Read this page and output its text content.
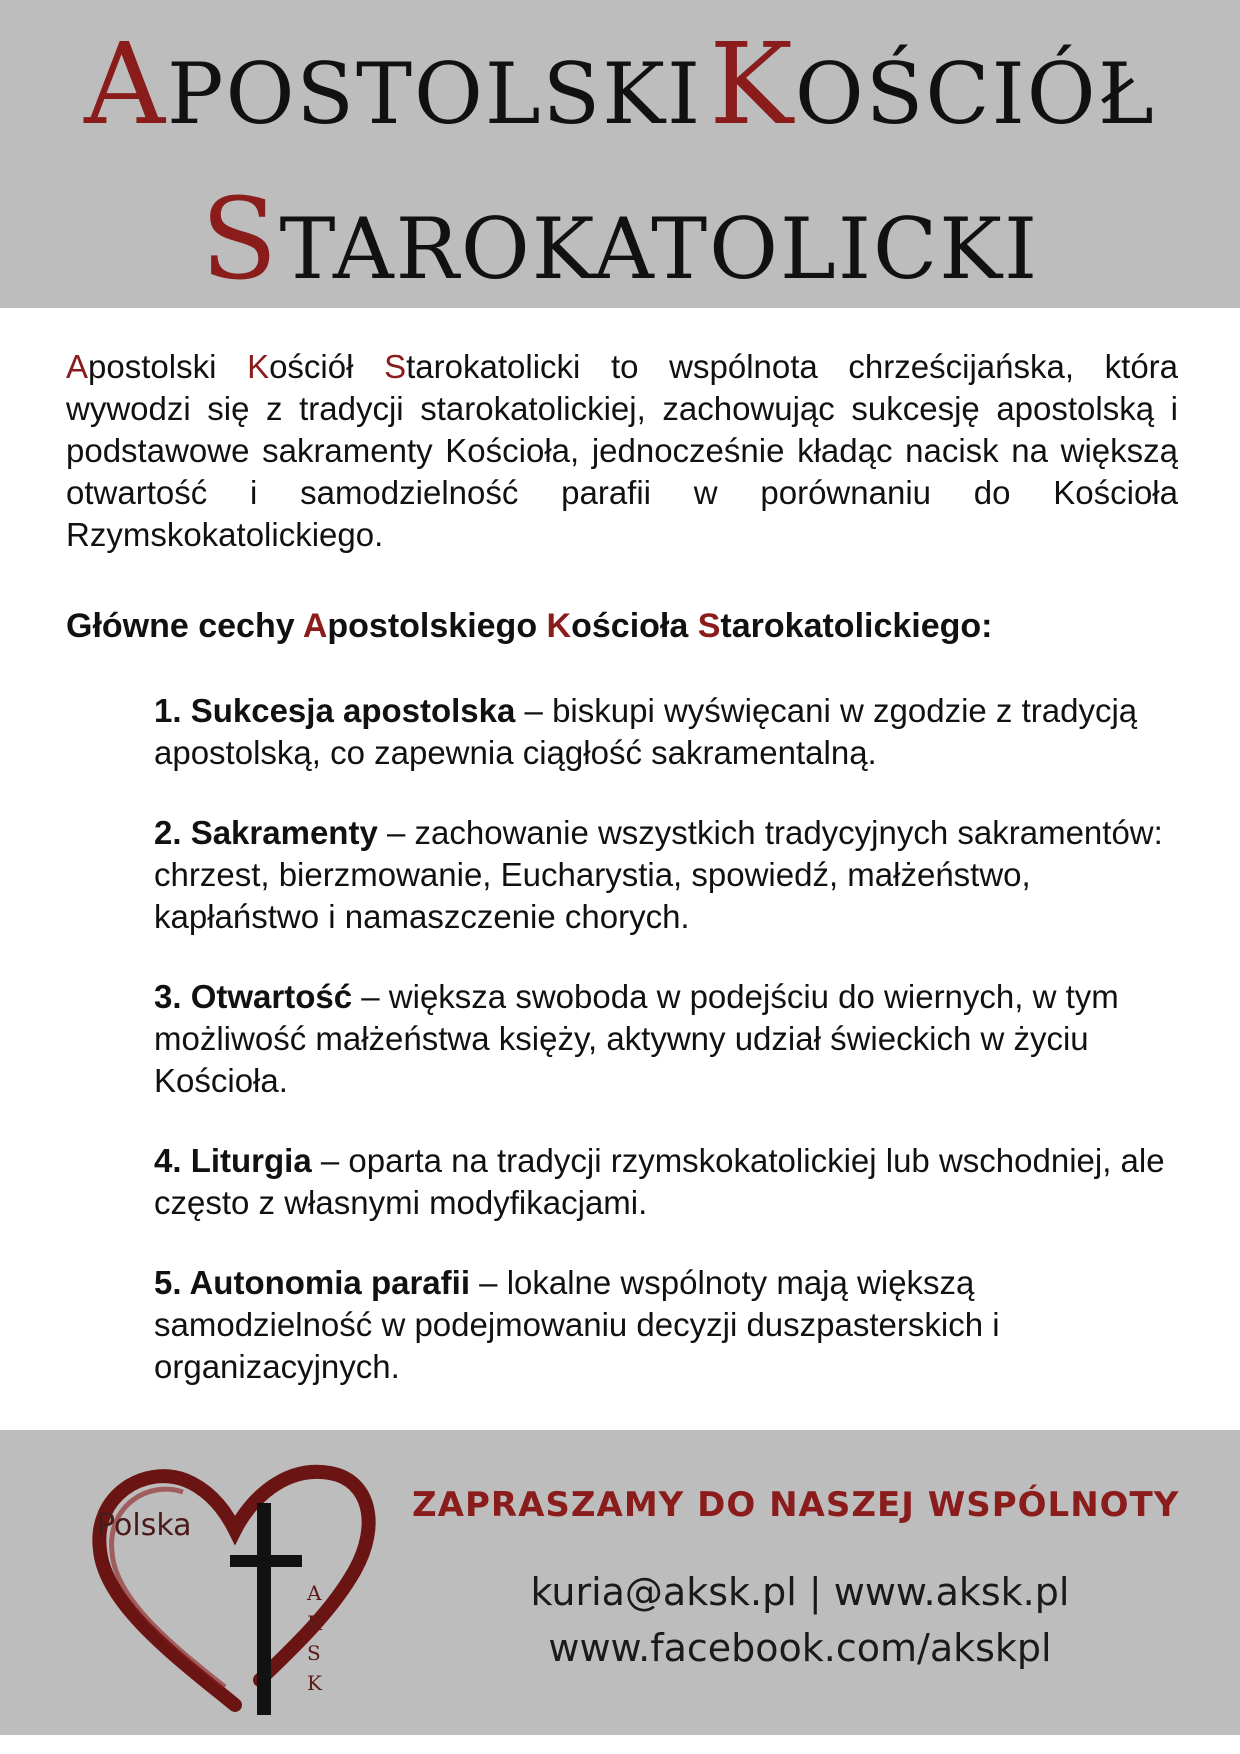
APOSTOLSKI KOŚCIÓŁ
STAROKATOLICKI

Apostolski Kościół Starokatolicki to wspólnota chrześcijańska, która wywodzi się z tradycji starokatolickiej, zachowując sukcesję apostolską i podstawowe sakramenty Kościoła, jednocześnie kładąc nacisk na większą otwartość i samodzielność parafii w porównaniu do Kościoła Rzymskokatolickiego.

Główne cechy Apostolskiego Kościoła Starokatolickiego:
1. Sukcesja apostolska – biskupi wyświęcani w zgodzie z tradycją apostolską, co zapewnia ciągłość sakramentalną.
2. Sakramenty – zachowanie wszystkich tradycyjnych sakramentów: chrzest, bierzmowanie, Eucharystia, spowiedź, małżeństwo, kapłaństwo i namaszczenie chorych.
3. Otwartość – większa swoboda w podejściu do wiernych, w tym możliwość małżeństwa księży, aktywny udział świeckich w życiu Kościoła.
4. Liturgia – oparta na tradycji rzymskokatolickiej lub wschodniej, ale często z własnymi modyfikacjami.
5. Autonomia parafii – lokalne wspólnoty mają większą samodzielność w podejmowaniu decyzji duszpasterskich i organizacyjnych.
Polska
A
K
S
K
ZAPRASZAMY DO NASZEJ WSPÓLNOTY
kuria@aksk.pl | www.aksk.pl
www.facebook.com/akskpl
